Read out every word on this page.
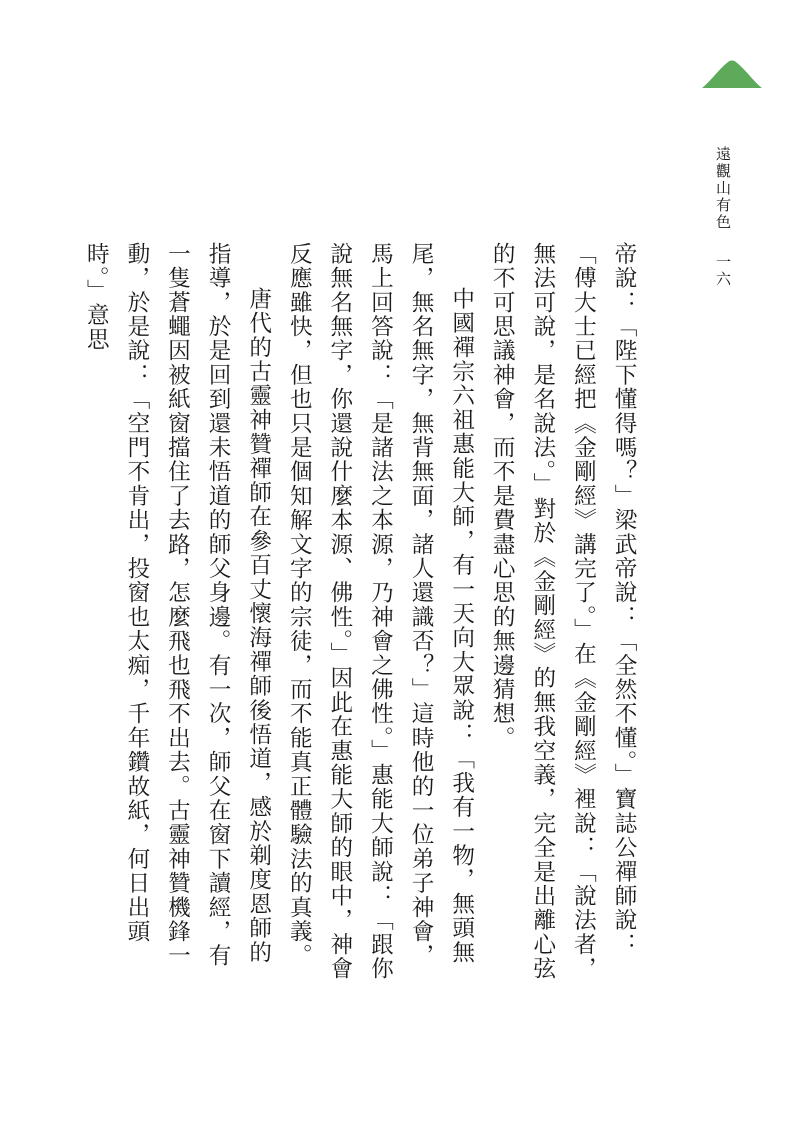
遠觀山有色
一六

帝說：「陛下懂得嗎？」梁武帝說：「全然不懂。」寶誌公禪師說：「傅大士已經把《金剛經》講完了。」在《金剛經》裡說：「說法者，無法可說，是名說法。」對於《金剛經》的無我空義，完全是出離心弦的不可思議神會，而不是費盡心思的無邊猜想。

中國禪宗六祖惠能大師，有一天向大眾說：「我有一物，無頭無尾，無名無字，無背無面，諸人還識否？」這時他的一位弟子神會，馬上回答說：「是諸法之本源，乃神會之佛性。」惠能大師說：「跟你說無名無字，你還說什麼本源、佛性。」因此在惠能大師的眼中，神會反應雖快，但也只是個知解文字的宗徒，而不能真正體驗法的真義。

唐代的古靈神贊禪師在參百丈懷海禪師後悟道，感於剃度恩師的指導，於是回到還未悟道的師父身邊。有一次，師父在窗下讀經，有一隻蒼蠅因被紙窗擋住了去路，怎麼飛也飛不出去。古靈神贊機鋒一動，於是說：「空門不肯出，投窗也太痴，千年鑽故紙，何日出頭時。」意思
